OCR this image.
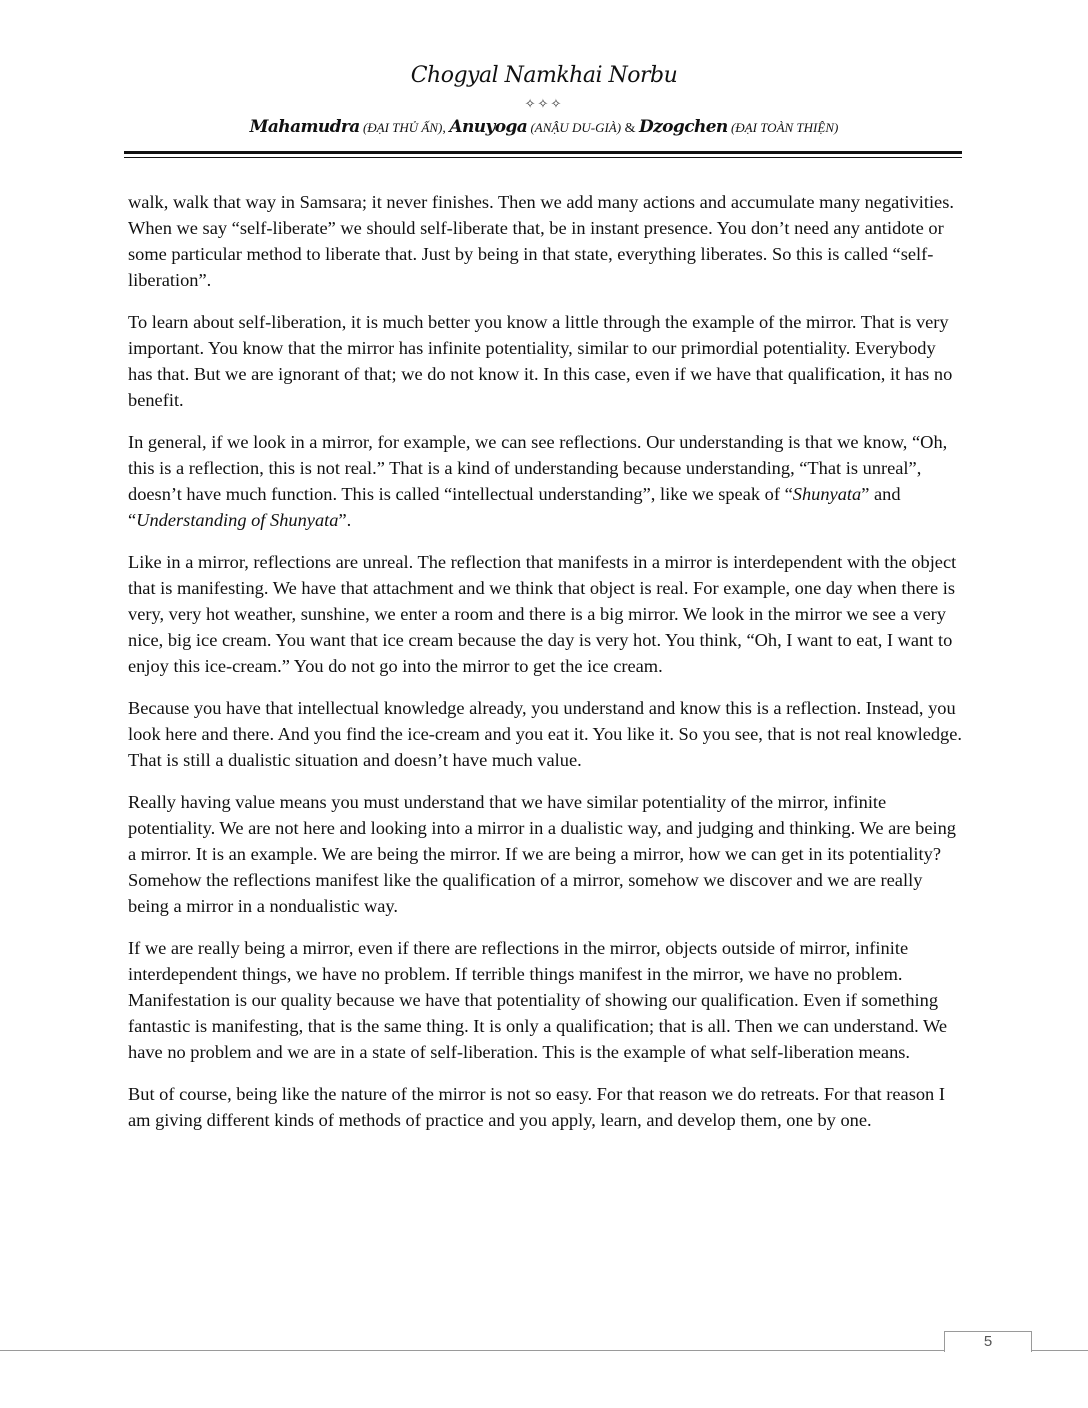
Chogyal Namkhai Norbu
✧✧✧
Mahamudra (ĐẠI THỦ ẤN), Anuyoga (ANẬU DU-GIÀ) & Dzogchen (ĐẠI TOÀN THIỆN)

walk, walk that way in Samsara; it never finishes. Then we add many actions and accumulate many negativities. When we say “self-liberate” we should self-liberate that, be in instant presence. You don’t need any antidote or some particular method to liberate that. Just by being in that state, everything liberates. So this is called “self-liberation”.

To learn about self-liberation, it is much better you know a little through the example of the mirror. That is very important. You know that the mirror has infinite potentiality, similar to our primordial potentiality. Everybody has that. But we are ignorant of that; we do not know it. In this case, even if we have that qualification, it has no benefit.

In general, if we look in a mirror, for example, we can see reflections. Our understanding is that we know, “Oh, this is a reflection, this is not real.” That is a kind of understanding because understanding, “That is unreal”, doesn’t have much function. This is called “intellectual understanding”, like we speak of “Shunyata” and “Understanding of Shunyata”.

Like in a mirror, reflections are unreal. The reflection that manifests in a mirror is interdependent with the object that is manifesting. We have that attachment and we think that object is real. For example, one day when there is very, very hot weather, sunshine, we enter a room and there is a big mirror. We look in the mirror we see a very nice, big ice cream. You want that ice cream because the day is very hot. You think, “Oh, I want to eat, I want to enjoy this ice-cream.” You do not go into the mirror to get the ice cream.

Because you have that intellectual knowledge already, you understand and know this is a reflection. Instead, you look here and there. And you find the ice-cream and you eat it. You like it. So you see, that is not real knowledge. That is still a dualistic situation and doesn’t have much value.

Really having value means you must understand that we have similar potentiality of the mirror, infinite potentiality. We are not here and looking into a mirror in a dualistic way, and judging and thinking. We are being a mirror. It is an example. We are being the mirror. If we are being a mirror, how we can get in its potentiality? Somehow the reflections manifest like the qualification of a mirror, somehow we discover and we are really being a mirror in a nondualistic way.

If we are really being a mirror, even if there are reflections in the mirror, objects outside of mirror, infinite interdependent things, we have no problem. If terrible things manifest in the mirror, we have no problem. Manifestation is our quality because we have that potentiality of showing our qualification. Even if something fantastic is manifesting, that is the same thing. It is only a qualification; that is all. Then we can understand. We have no problem and we are in a state of self-liberation. This is the example of what self-liberation means.

But of course, being like the nature of the mirror is not so easy. For that reason we do retreats. For that reason I am giving different kinds of methods of practice and you apply, learn, and develop them, one by one.

5
